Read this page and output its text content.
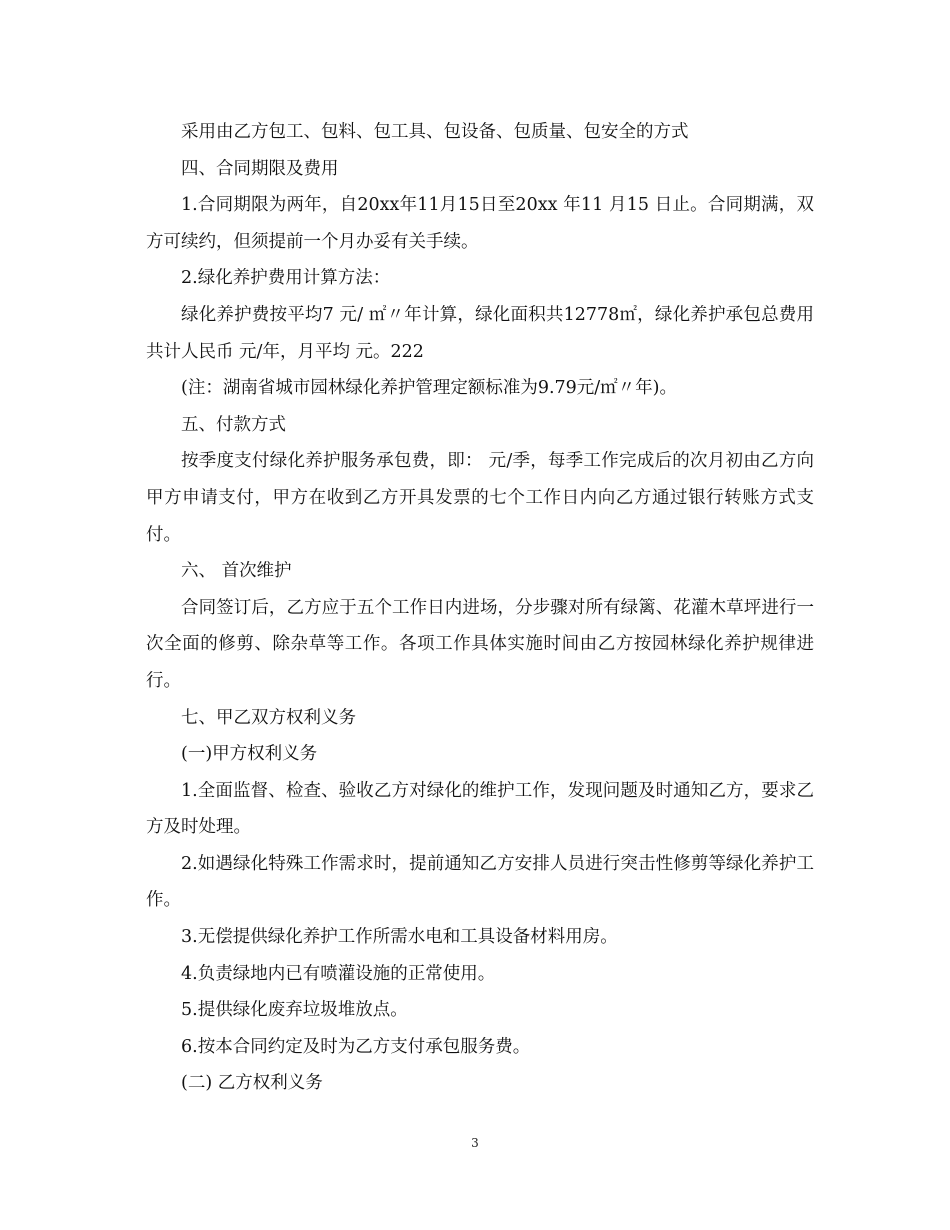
采用由乙方包工、包料、包工具、包设备、包质量、包安全的方式

四、合同期限及费用

1.合同期限为两年，自20xx年11月15日至20xx 年11 月15 日止。合同期满，双方可续约，但须提前一个月办妥有关手续。

2.绿化养护费用计算方法：

绿化养护费按平均7 元/ ㎡〃年计算，绿化面积共12778㎡，绿化养护承包总费用共计人民币 元/年，月平均 元。222

(注：湖南省城市园林绿化养护管理定额标准为9.79元/㎡〃年)。

五、付款方式

按季度支付绿化养护服务承包费，即： 元/季，每季工作完成后的次月初由乙方向甲方申请支付，甲方在收到乙方开具发票的七个工作日内向乙方通过银行转账方式支付。

六、 首次维护

合同签订后，乙方应于五个工作日内进场，分步骤对所有绿篱、花灌木草坪进行一次全面的修剪、除杂草等工作。各项工作具体实施时间由乙方按园林绿化养护规律进行。

七、甲乙双方权利义务

(一)甲方权利义务

1.全面监督、检查、验收乙方对绿化的维护工作，发现问题及时通知乙方，要求乙方及时处理。

2.如遇绿化特殊工作需求时，提前通知乙方安排人员进行突击性修剪等绿化养护工作。

3.无偿提供绿化养护工作所需水电和工具设备材料用房。

4.负责绿地内已有喷灌设施的正常使用。

5.提供绿化废弃垃圾堆放点。

6.按本合同约定及时为乙方支付承包服务费。

(二) 乙方权利义务

3
